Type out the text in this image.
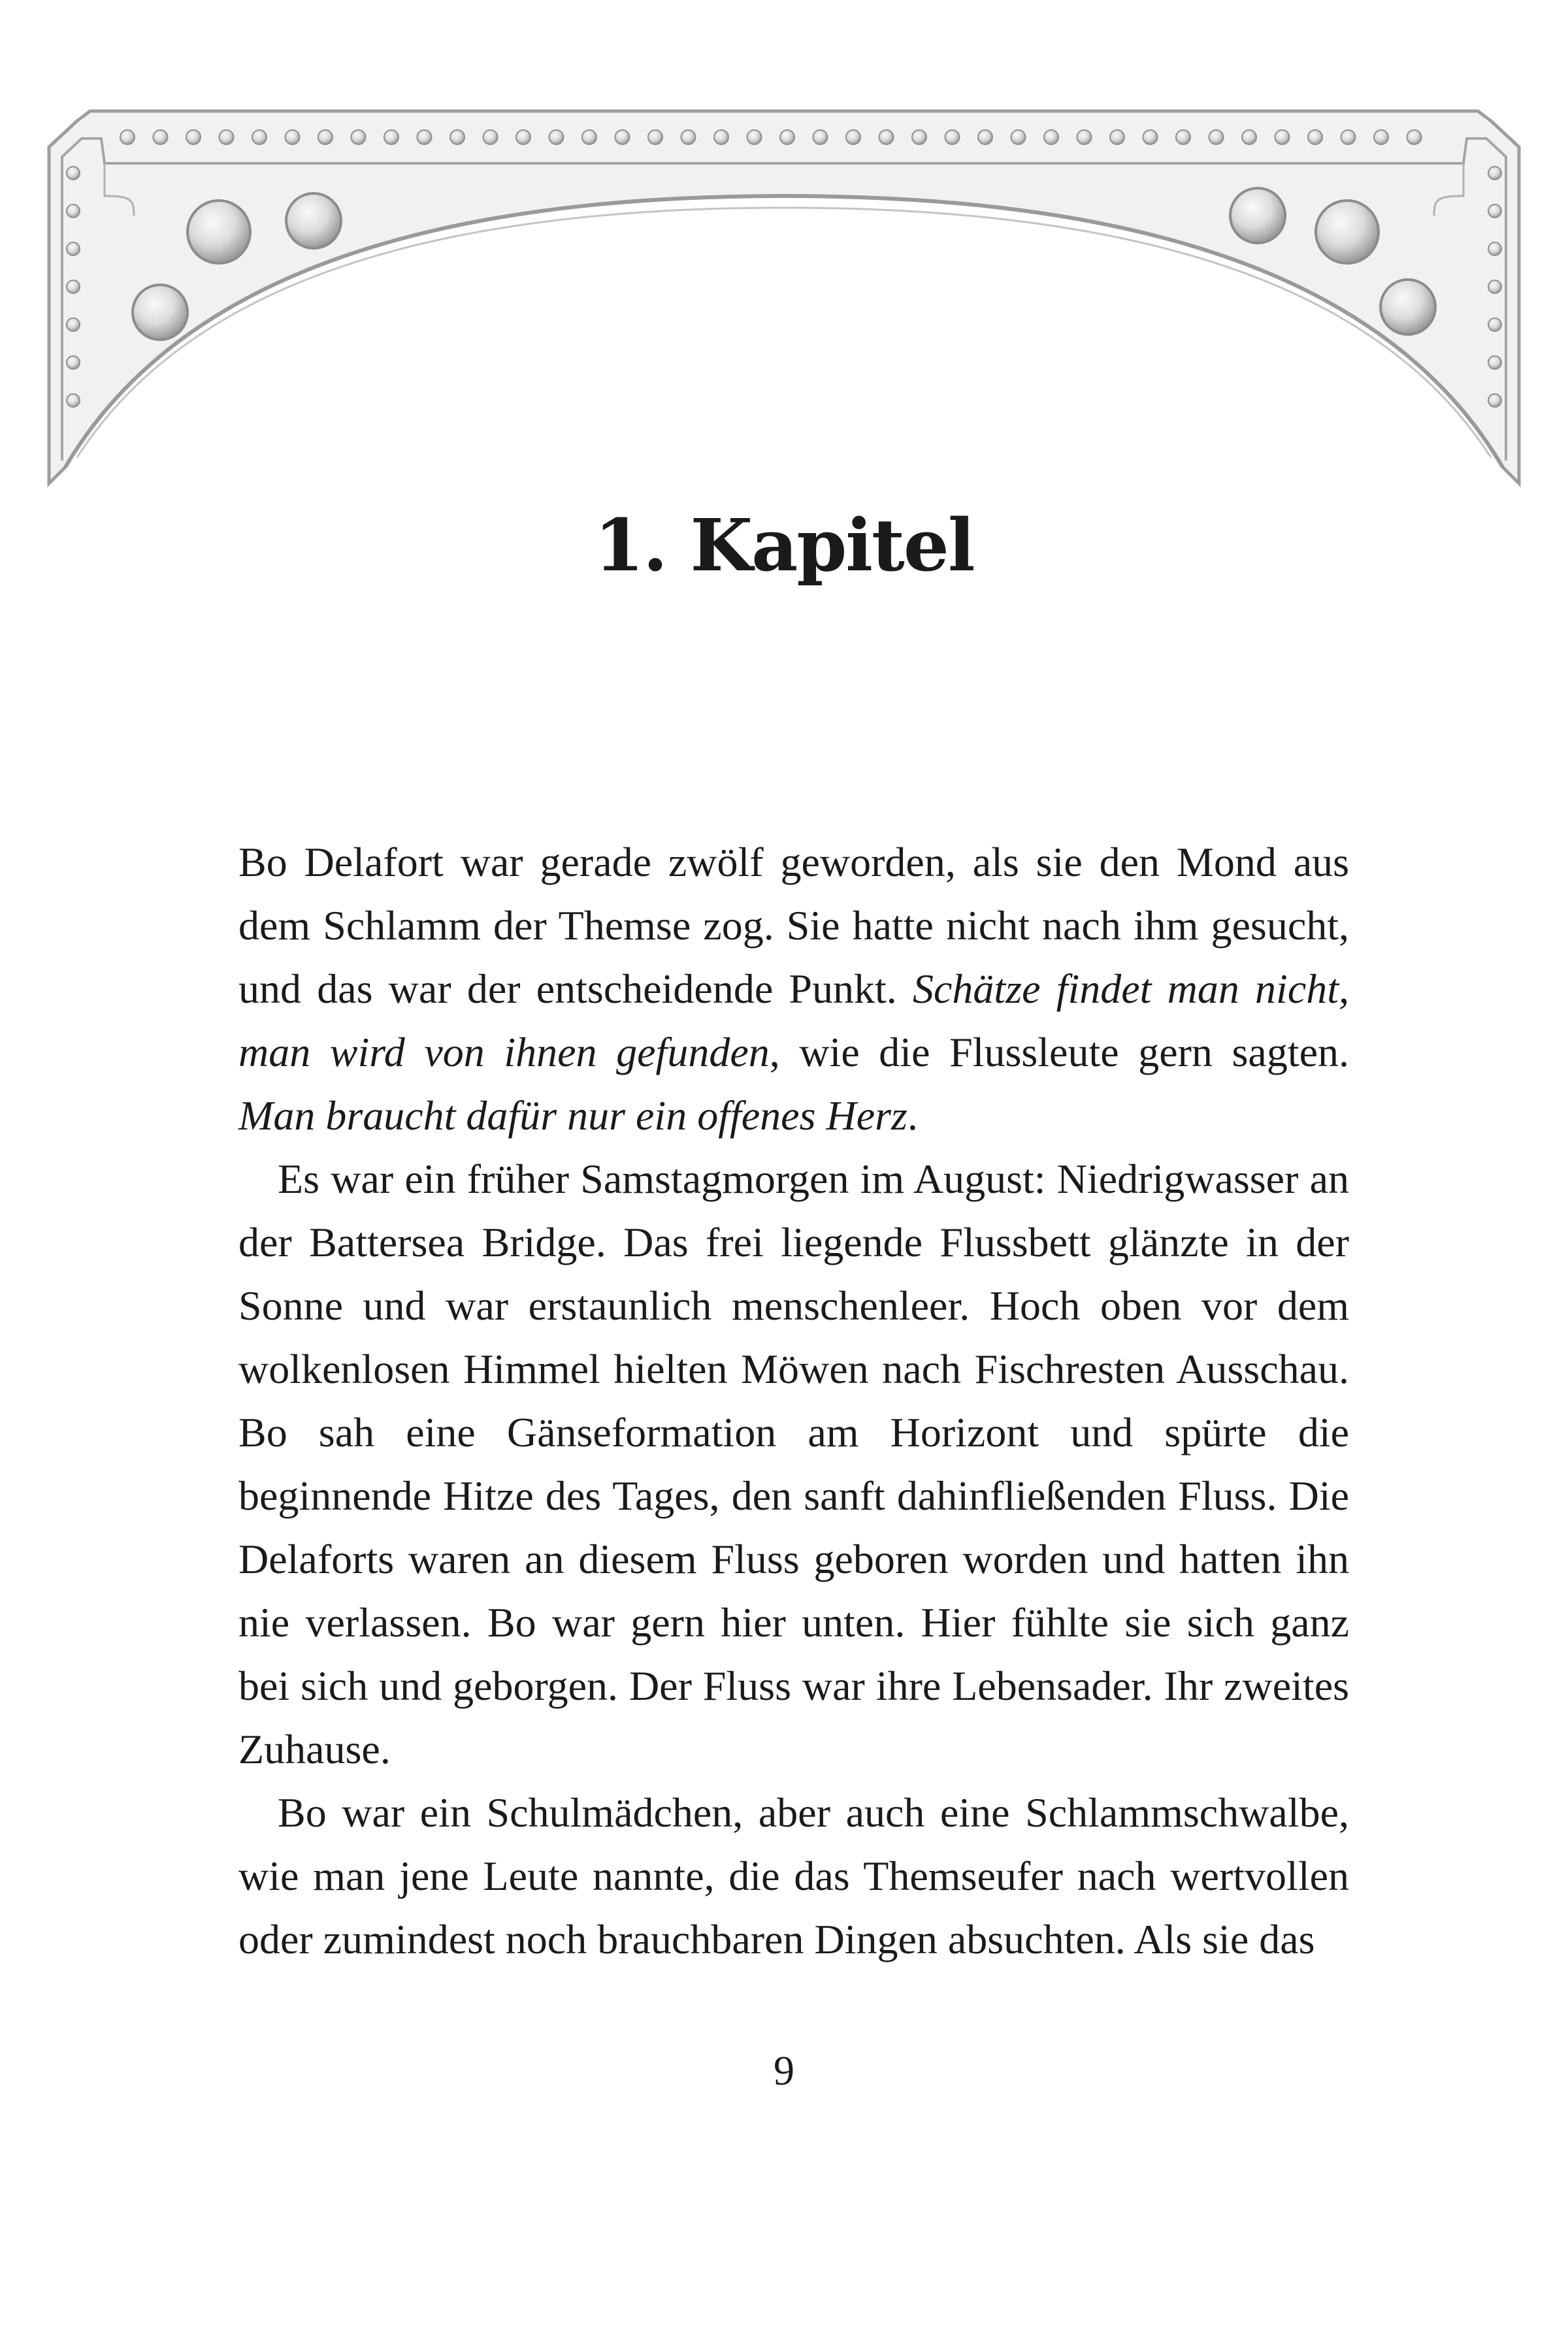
1. Kapitel

Bo Delafort war gerade zwölf geworden, als sie den Mond aus dem Schlamm der Themse zog. Sie hatte nicht nach ihm gesucht, und das war der entscheidende Punkt. Schätze findet man nicht, man wird von ihnen gefunden, wie die Flussleute gern sagten. Man braucht dafür nur ein offenes Herz.

Es war ein früher Samstagmorgen im August: Niedrigwasser an der Battersea Bridge. Das frei liegende Flussbett glänzte in der Sonne und war erstaunlich menschenleer. Hoch oben vor dem wolkenlosen Himmel hielten Möwen nach Fischresten Ausschau. Bo sah eine Gänseformation am Horizont und spürte die beginnende Hitze des Tages, den sanft dahinfließenden Fluss. Die Delaforts waren an diesem Fluss geboren worden und hatten ihn nie verlassen. Bo war gern hier unten. Hier fühlte sie sich ganz bei sich und geborgen. Der Fluss war ihre Lebensader. Ihr zweites Zuhause.

Bo war ein Schulmädchen, aber auch eine Schlammschwalbe, wie man jene Leute nannte, die das Themseufer nach wertvollen oder zumindest noch brauchbaren Dingen absuchten. Als sie das

9
